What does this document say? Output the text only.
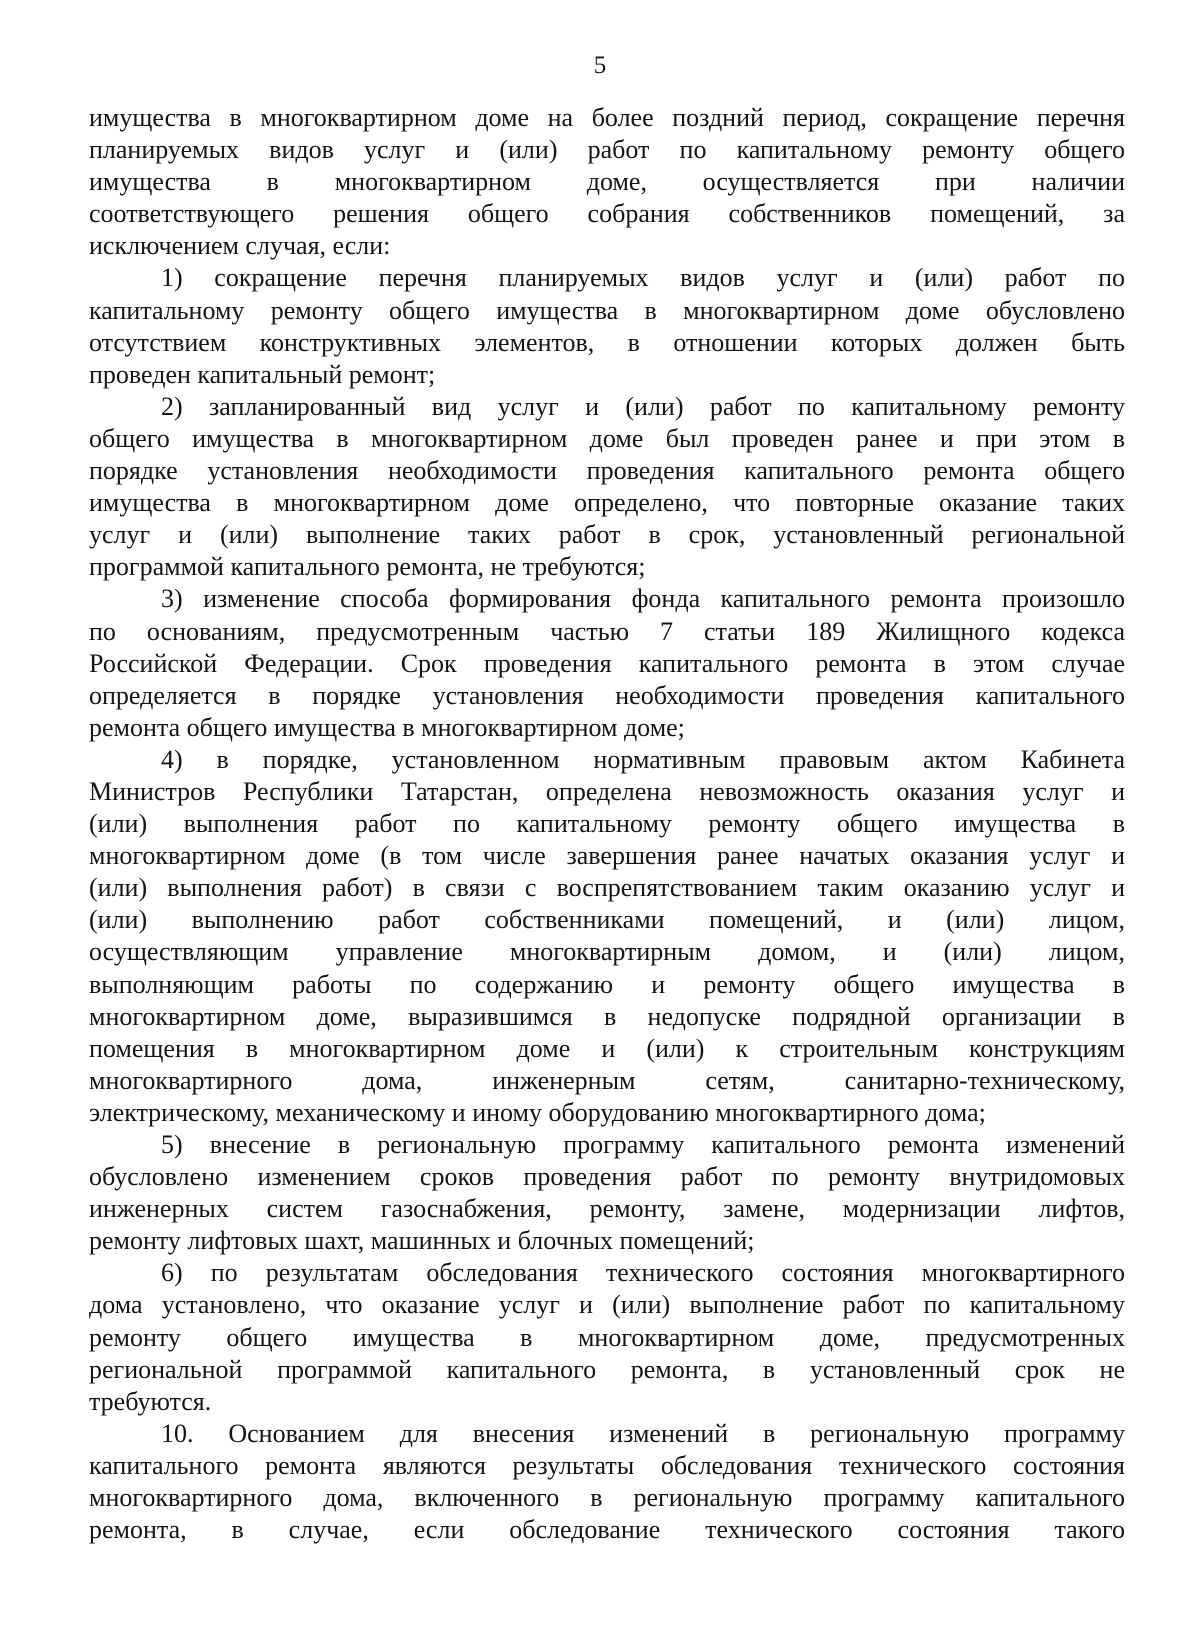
5

имущества в многоквартирном доме на более поздний период, сокращение перечня

планируемых видов услуг и (или) работ по капитальному ремонту общего

имущества в многоквартирном доме, осуществляется при наличии

соответствующего решения общего собрания собственников помещений, за

исключением случая, если:

1) сокращение перечня планируемых видов услуг и (или) работ по

капитальному ремонту общего имущества в многоквартирном доме обусловлено

отсутствием конструктивных элементов, в отношении которых должен быть

проведен капитальный ремонт;

2) запланированный вид услуг и (или) работ по капитальному ремонту

общего имущества в многоквартирном доме был проведен ранее и при этом в

порядке установления необходимости проведения капитального ремонта общего

имущества в многоквартирном доме определено, что повторные оказание таких

услуг и (или) выполнение таких работ в срок, установленный региональной

программой капитального ремонта, не требуются;

3) изменение способа формирования фонда капитального ремонта произошло

по основаниям, предусмотренным частью 7 статьи 189 Жилищного кодекса

Российской Федерации. Срок проведения капитального ремонта в этом случае

определяется в порядке установления необходимости проведения капитального

ремонта общего имущества в многоквартирном доме;

4) в порядке, установленном нормативным правовым актом Кабинета

Министров Республики Татарстан, определена невозможность оказания услуг и

(или) выполнения работ по капитальному ремонту общего имущества в

многоквартирном доме (в том числе завершения ранее начатых оказания услуг и

(или) выполнения работ) в связи с воспрепятствованием таким оказанию услуг и

(или) выполнению работ собственниками помещений, и (или) лицом,

осуществляющим управление многоквартирным домом, и (или) лицом,

выполняющим работы по содержанию и ремонту общего имущества в

многоквартирном доме, выразившимся в недопуске подрядной организации в

помещения в многоквартирном доме и (или) к строительным конструкциям

многоквартирного дома, инженерным сетям, санитарно-техническому,

электрическому, механическому и иному оборудованию многоквартирного дома;

5) внесение в региональную программу капитального ремонта изменений

обусловлено изменением сроков проведения работ по ремонту внутридомовых

инженерных систем газоснабжения, ремонту, замене, модернизации лифтов,

ремонту лифтовых шахт, машинных и блочных помещений;

6) по результатам обследования технического состояния многоквартирного

дома установлено, что оказание услуг и (или) выполнение работ по капитальному

ремонту общего имущества в многоквартирном доме, предусмотренных

региональной программой капитального ремонта, в установленный срок не

требуются.

10. Основанием для внесения изменений в региональную программу

капитального ремонта являются результаты обследования технического состояния

многоквартирного дома, включенного в региональную программу капитального

ремонта, в случае, если обследование технического состояния такого
